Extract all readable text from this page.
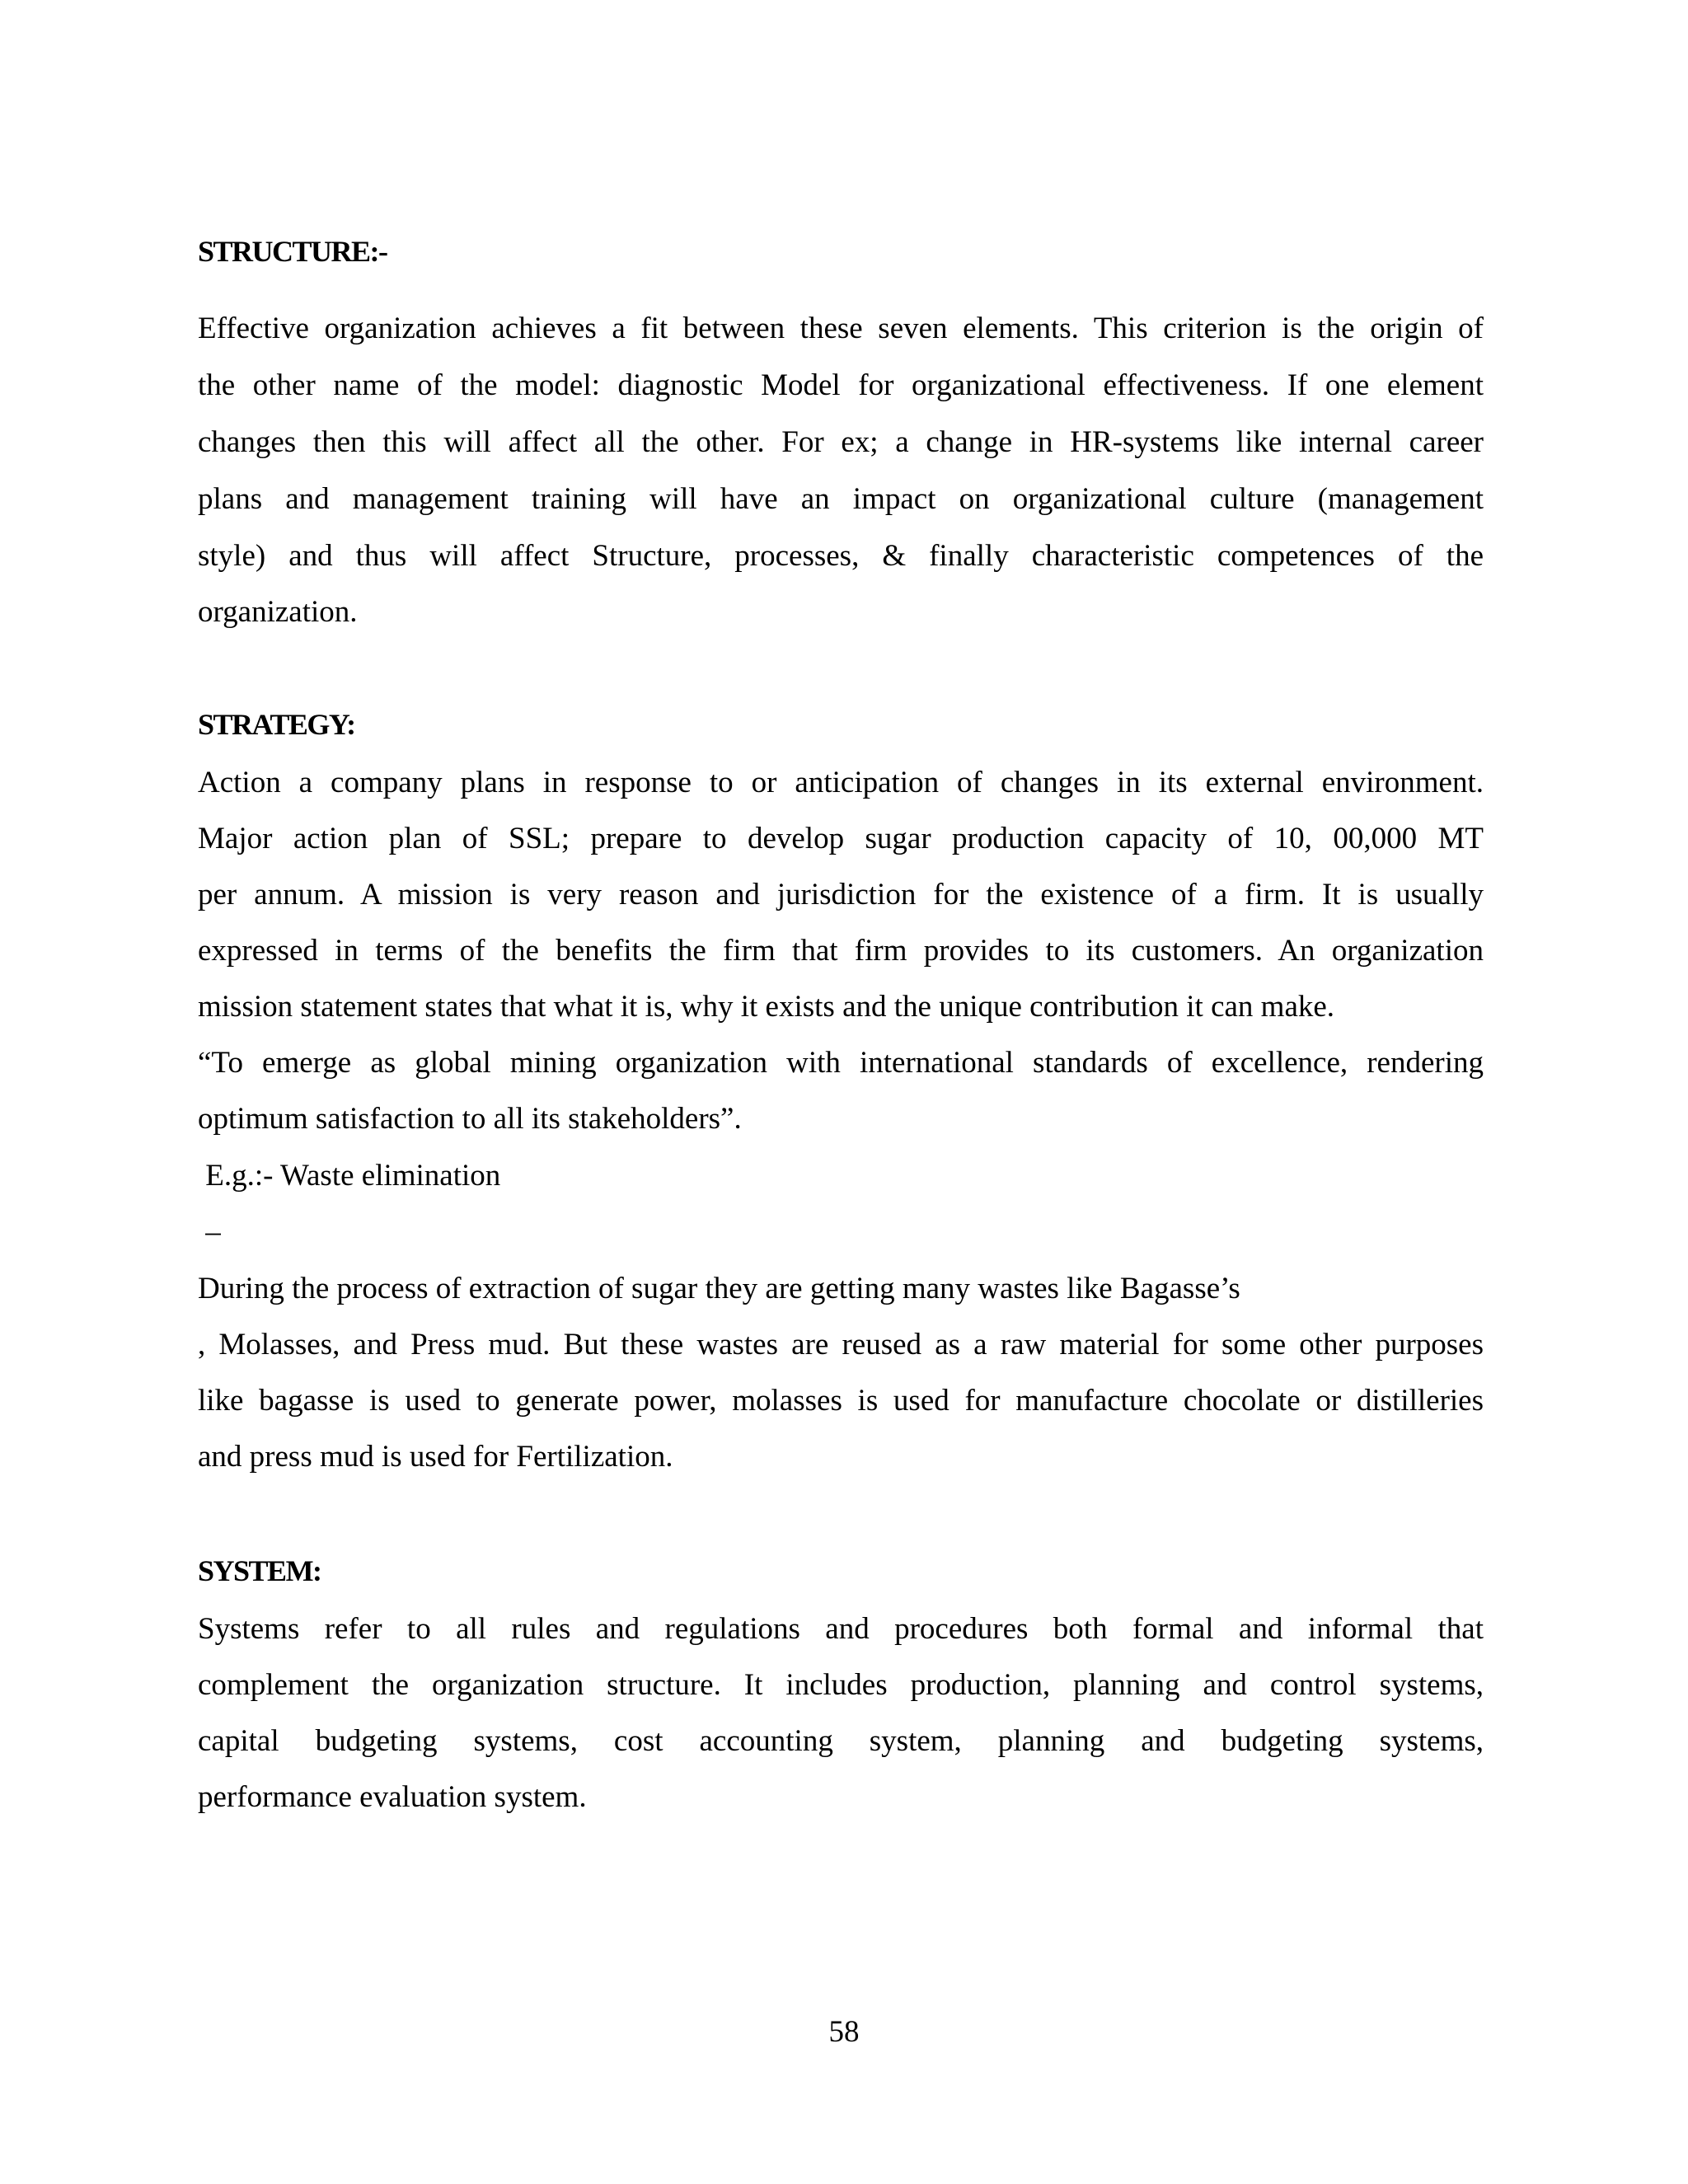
STRUCTURE:-

Effective organization achieves a fit between these seven elements. This criterion is the origin of

the other name of the model: diagnostic Model for organizational effectiveness. If one element

changes then this will affect all the other. For ex; a change in HR-systems like internal career

plans and management training will have an impact on organizational culture (management

style) and thus will affect Structure, processes, & finally characteristic competences of the

organization.

STRATEGY:

Action a company plans in response to or anticipation of changes in its external environment.

Major action plan of SSL; prepare to develop sugar production capacity of 10, 00,000 MT

per annum. A mission is very reason and jurisdiction for the existence of a firm. It is usually

expressed in terms of the benefits the firm that firm provides to its customers. An organization

mission statement states that what it is, why it exists and the unique contribution it can make.

“To emerge as global mining organization with international standards of excellence, rendering

optimum satisfaction to all its stakeholders”.

E.g.:- Waste elimination

–

During the process of extraction of sugar they are getting many wastes like Bagasse’s

, Molasses, and Press mud. But these wastes are reused as a raw material for some other purposes

like bagasse is used to generate power, molasses is used for manufacture chocolate or distilleries

and press mud is used for Fertilization.

SYSTEM:

Systems refer to all rules and regulations and procedures both formal and informal that

complement the organization structure. It includes production, planning and control systems,

capital budgeting systems, cost accounting system, planning and budgeting systems,

performance evaluation system.

58
